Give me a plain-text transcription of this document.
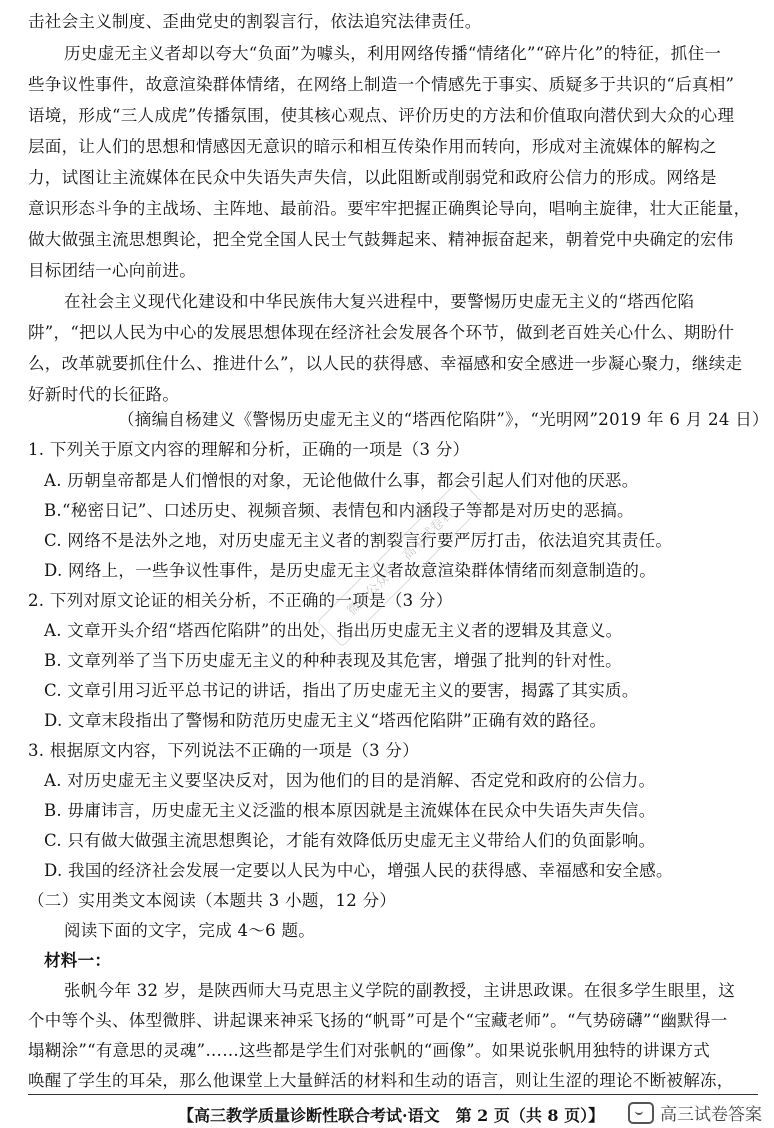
击社会主义制度、歪曲党史的割裂言行，依法追究法律责任。
历史虚无主义者却以夸大“负面”为噱头，利用网络传播“情绪化”“碎片化”的特征，抓住一
些争议性事件，故意渲染群体情绪，在网络上制造一个情感先于事实、质疑多于共识的“后真相”
语境，形成“三人成虎”传播氛围，使其核心观点、评价历史的方法和价值取向潜伏到大众的心理
层面，让人们的思想和情感因无意识的暗示和相互传染作用而转向，形成对主流媒体的解构之
力，试图让主流媒体在民众中失语失声失信，以此阻断或削弱党和政府公信力的形成。网络是
意识形态斗争的主战场、主阵地、最前沿。要牢牢把握正确舆论导向，唱响主旋律，壮大正能量，
做大做强主流思想舆论，把全党全国人民士气鼓舞起来、精神振奋起来，朝着党中央确定的宏伟
目标团结一心向前进。
在社会主义现代化建设和中华民族伟大复兴进程中，要警惕历史虚无主义的“塔西佗陷
阱”，“把以人民为中心的发展思想体现在经济社会发展各个环节，做到老百姓关心什么、期盼什
么，改革就要抓住什么、推进什么”，以人民的获得感、幸福感和安全感进一步凝心聚力，继续走
好新时代的长征路。
（摘编自杨建义《警惕历史虚无主义的“塔西佗陷阱”》，“光明网”2019 年 6 月 24 日）
1. 下列关于原文内容的理解和分析，正确的一项是（3 分）
A. 历朝皇帝都是人们憎恨的对象，无论他做什么事，都会引起人们对他的厌恶。
B.“秘密日记”、口述历史、视频音频、表情包和内涵段子等都是对历史的恶搞。
C. 网络不是法外之地，对历史虚无主义者的割裂言行要严厉打击，依法追究其责任。
D. 网络上，一些争议性事件，是历史虚无主义者故意渲染群体情绪而刻意制造的。
2. 下列对原文论证的相关分析，不正确的一项是（3 分）
A. 文章开头介绍“塔西佗陷阱”的出处，指出历史虚无主义者的逻辑及其意义。
B. 文章列举了当下历史虚无主义的种种表现及其危害，增强了批判的针对性。
C. 文章引用习近平总书记的讲话，指出了历史虚无主义的要害，揭露了其实质。
D. 文章末段指出了警惕和防范历史虚无主义“塔西佗陷阱”正确有效的路径。
3. 根据原文内容，下列说法不正确的一项是（3 分）
A. 对历史虚无主义要坚决反对，因为他们的目的是消解、否定党和政府的公信力。
B. 毋庸讳言，历史虚无主义泛滥的根本原因就是主流媒体在民众中失语失声失信。
C. 只有做大做强主流思想舆论，才能有效降低历史虚无主义带给人们的负面影响。
D. 我国的经济社会发展一定要以人民为中心，增强人民的获得感、幸福感和安全感。
（二）实用类文本阅读（本题共 3 小题，12 分）
阅读下面的文字，完成 4～6 题。
材料一：
张帆今年 32 岁，是陕西师大马克思主义学院的副教授，主讲思政课。在很多学生眼里，这
个中等个头、体型微胖、讲起课来神采飞扬的“帆哥”可是个“宝藏老师”。“气势磅礴”“幽默得一
塌糊涂”“有意思的灵魂”……这些都是学生们对张帆的“画像”。如果说张帆用独特的讲课方式
唤醒了学生的耳朵，那么他课堂上大量鲜活的材料和生动的语言，则让生涩的理论不断被解冻，
【高三教学质量诊断性联合考试·语文　第 2 页（共 8 页）】
微信公众号：高中试卷君
高三试卷答案
